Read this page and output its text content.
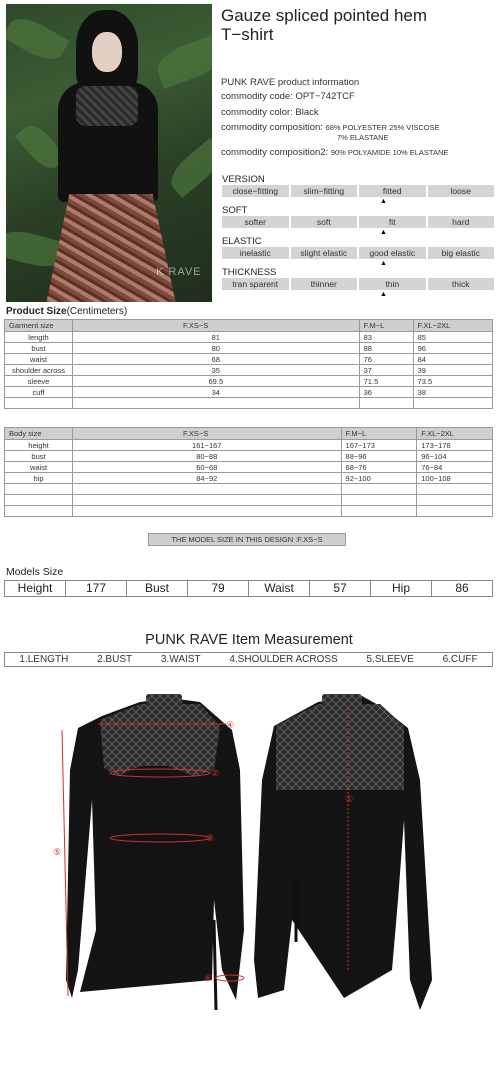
K RAVE
Gauze spliced pointed hem
T−shirt
PUNK RAVE product information
commodity code: OPT−742TCF
commodity color: Black
commodity composition: 68% POLYESTER 25% VISCOSE
7% ELASTANE
commodity composition2: 90% POLYAMIDE 10% ELASTANE
VERSION
close−fitting	slim−fitting	fitted	loose
▲
SOFT
softer	soft	fit	hard
▲
ELASTIC
inelastic	slight elastic	good elastic	big elastic
▲
THICKNESS
tran sparent	thinner	thin	thick
▲
Product Size(Centimeters)
Garment size	F.XS−S	F.M−L	F.XL−2XL
length	81	83	85
bust	80	88	96
waist	68	76	84
shoulder across	35	37	39
sleeve	69.5	71.5	73.5
cuff	34	36	38

Body size	F.XS−S	F.M−L	F.XL−2XL
height	161−167	167−173	173−178
bust	80−88	88−96	96−104
waist	60−68	68−76	76−84
hip	84−92	92−100	100−108

THE MODEL SIZE IN THIS DESIGN :F.XS−S
Models Size
Height	177	Bust	79	Waist	57	Hip	86
PUNK RAVE Item Measurement
1.LENGTH	2.BUST	3.WAIST	4.SHOULDER ACROSS	5.SLEEVE	6.CUFF
④
②
③
⑤
⑥
①
